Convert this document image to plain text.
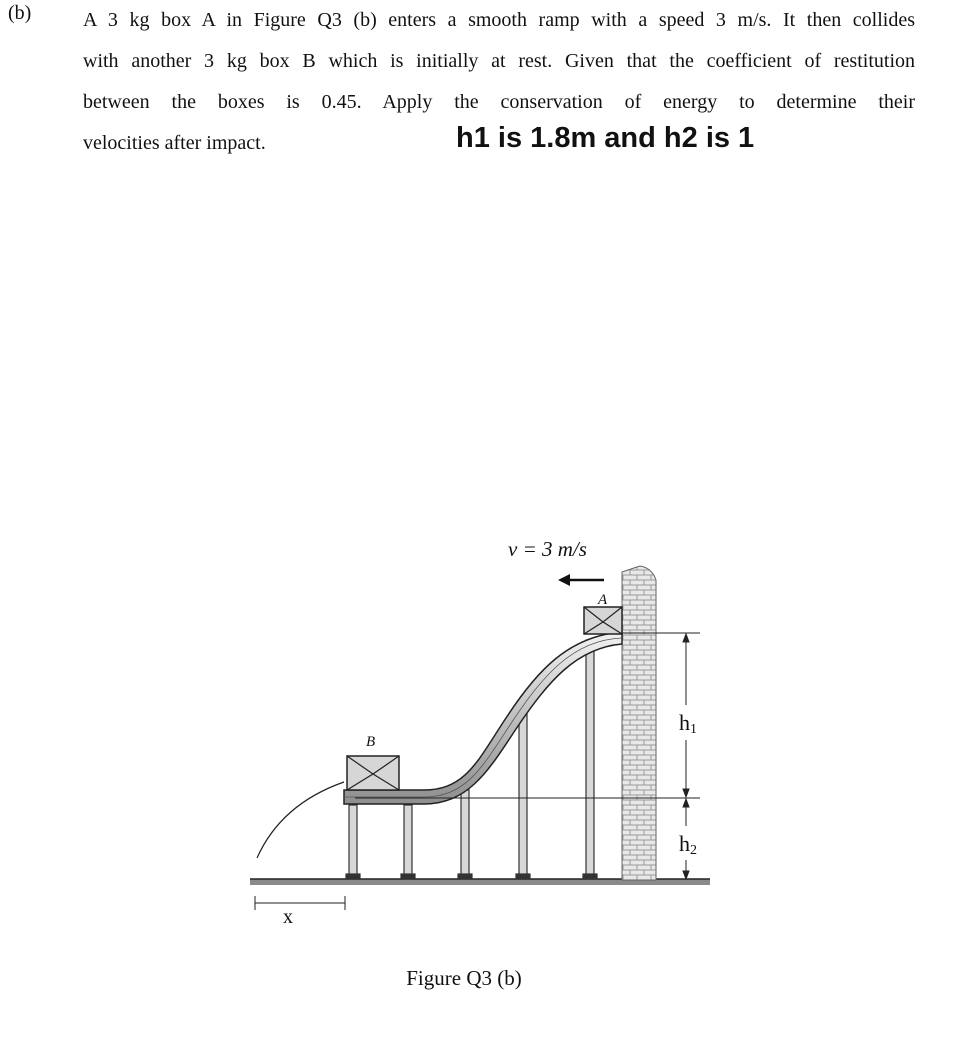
(b)	A 3 kg box A in Figure Q3 (b) enters a smooth ramp with a speed 3 m/s. It then collides
with another 3 kg box B which is initially at rest. Given that the coefficient of restitution
between the boxes is 0.45. Apply the conservation of energy to determine their
velocities after impact.	h1 is 1.8m and h2 is 1
h1
h2
A
v = 3 m/s
B
x
Figure Q3 (b)
